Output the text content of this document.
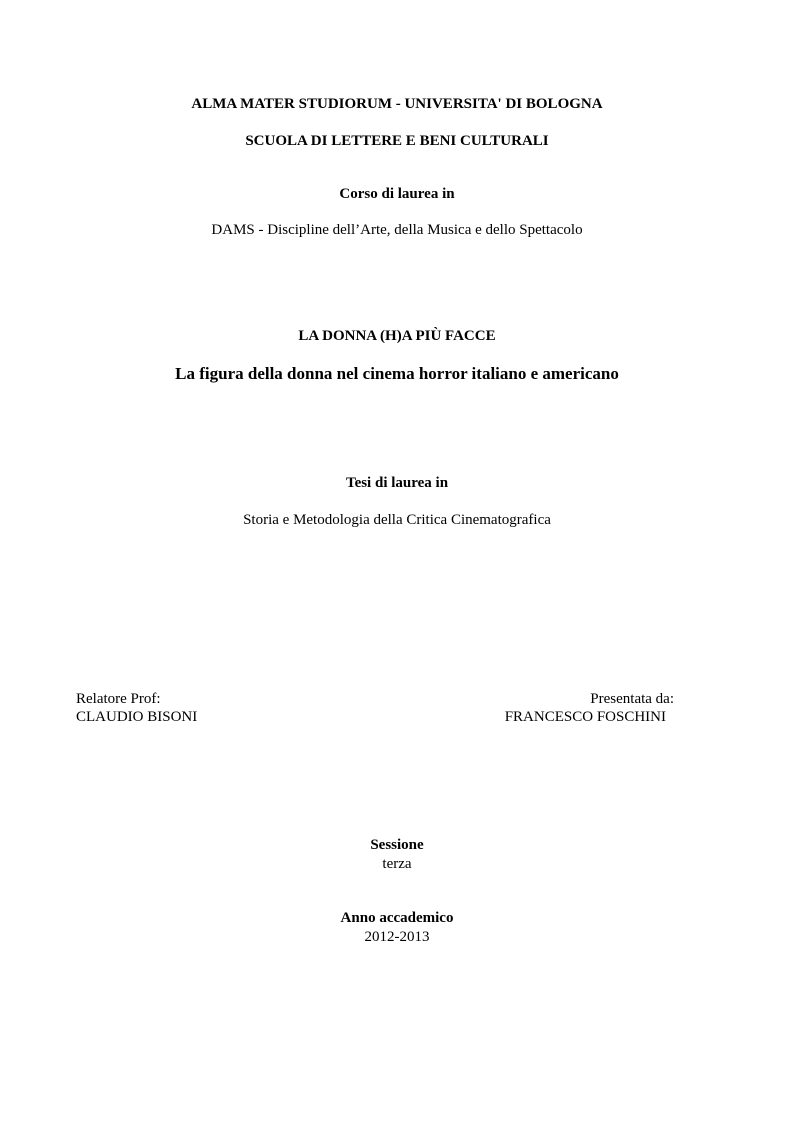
ALMA MATER STUDIORUM - UNIVERSITA' DI BOLOGNA
SCUOLA DI LETTERE E BENI CULTURALI
Corso di laurea in
DAMS - Discipline dell’Arte, della Musica e dello Spettacolo
LA DONNA (H)A PIÙ FACCE
La figura della donna nel cinema horror italiano e americano
Tesi di laurea in
Storia e Metodologia della Critica Cinematografica
Relatore Prof:
CLAUDIO BISONI
Presentata da:
FRANCESCO FOSCHINI
Sessione
terza
Anno accademico
2012-2013
